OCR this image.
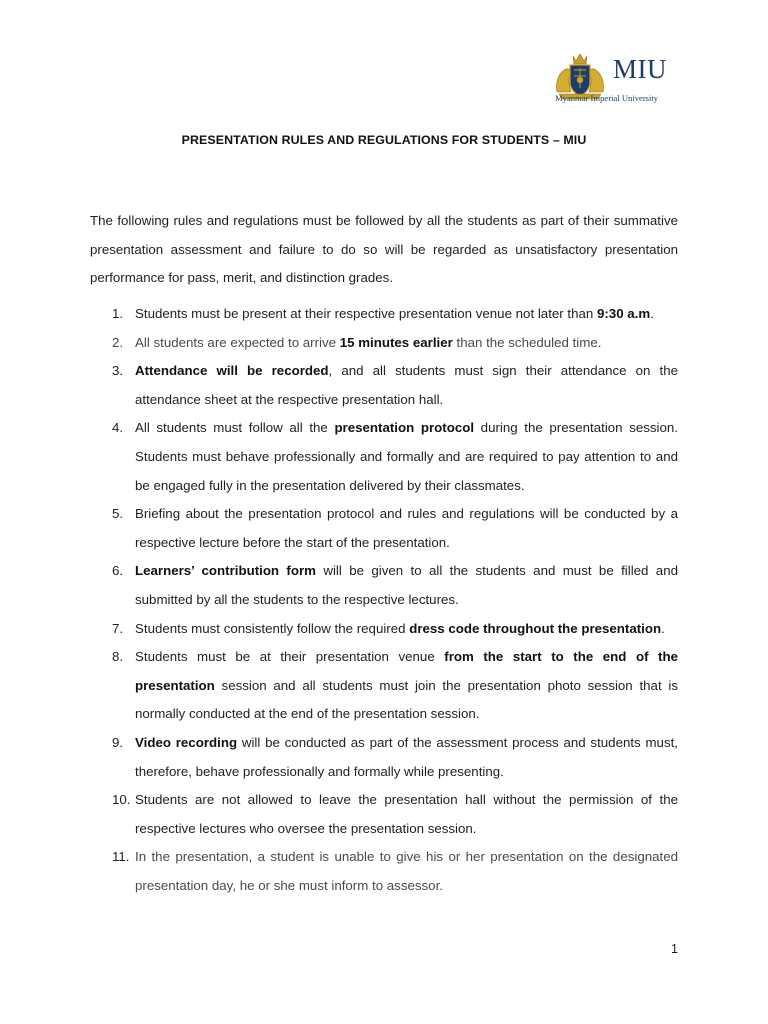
MIU
Myanmar Imperial University
PRESENTATION RULES AND REGULATIONS FOR STUDENTS – MIU

The following rules and regulations must be followed by all the students as part of their summative presentation assessment and failure to do so will be regarded as unsatisfactory presentation performance for pass, merit, and distinction grades.

1. Students must be present at their respective presentation venue not later than 9:30 a.m.
2. All students are expected to arrive 15 minutes earlier than the scheduled time.
3. Attendance will be recorded, and all students must sign their attendance on the attendance sheet at the respective presentation hall.
4. All students must follow all the presentation protocol during the presentation session. Students must behave professionally and formally and are required to pay attention to and be engaged fully in the presentation delivered by their classmates.
5. Briefing about the presentation protocol and rules and regulations will be conducted by a respective lecture before the start of the presentation.
6. Learners’ contribution form will be given to all the students and must be filled and submitted by all the students to the respective lectures.
7. Students must consistently follow the required dress code throughout the presentation.
8. Students must be at their presentation venue from the start to the end of the presentation session and all students must join the presentation photo session that is normally conducted at the end of the presentation session.
9. Video recording will be conducted as part of the assessment process and students must, therefore, behave professionally and formally while presenting.
10. Students are not allowed to leave the presentation hall without the permission of the respective lectures who oversee the presentation session.
11. In the presentation, a student is unable to give his or her presentation on the designated presentation day, he or she must inform to assessor.
1
